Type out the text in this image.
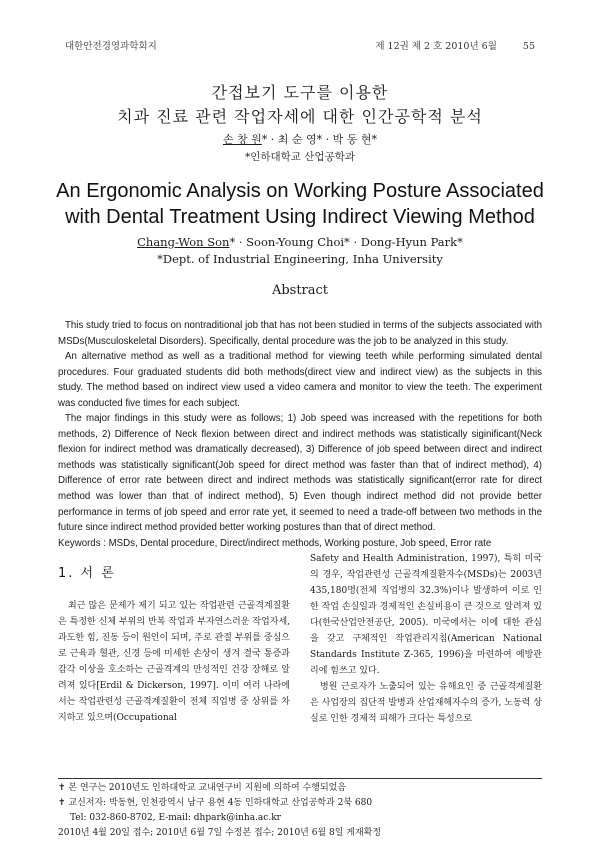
대한안전경영과학회지	제 12권 제 2 호 2010년 6월	55
간접보기 도구를 이용한
치과 진료 관련 작업자세에 대한 인간공학적 분석
손 창 원* · 최 순 영* · 박 동 현*
*인하대학교 산업공학과
An Ergonomic Analysis on Working Posture Associated
with Dental Treatment Using Indirect Viewing Method
Chang-Won Son* · Soon-Young Choi* · Dong-Hyun Park*
*Dept. of Industrial Engineering, Inha University
Abstract

This study tried to focus on nontraditional job that has not been studied in terms of the subjects associated with MSDs(Musculoskeletal Disorders). Specifically, dental procedure was the job to be analyzed in this study.

An alternative method as well as a traditional method for viewing teeth while performing simulated dental procedures. Four graduated students did both methods(direct view and indirect view) as the subjects in this study. The method based on indirect view used a video camera and monitor to view the teeth. The experiment was conducted five times for each subject.

The major findings in this study were as follows; 1) Job speed was increased with the repetitions for both methods, 2) Difference of Neck flexion between direct and indirect methods was statistically siginificant(Neck flexion for indirect method was dramatically decreased), 3) Difference of job speed between direct and indirect methods was statistically significant(Job speed for direct method was faster than that of indirect method), 4) Difference of error rate between direct and indirect methods was statistically significant(error rate for direct method was lower than that of indirect method), 5) Even though indirect method did not provide better performance in terms of job speed and error rate yet, it seemed to need a trade-off between two methods in the future since indirect method provided better working postures than that of direct method.

Keywords : MSDs, Dental procedure, Direct/indirect methods, Working posture, Job speed, Error rate

1. 서 론

최근 많은 문제가 제기 되고 있는 작업관련 근골격계질환은 특정한 신체 부위의 반복 작업과 부자연스러운 작업자세, 과도한 힘, 진동 등이 원인이 되며, 주로 관절 부위를 중심으로 근육과 혈관, 신경 등에 미세한 손상이 생겨 결국 통증과 감각 이상을 호소하는 근골격계의 만성적인 건강 장해로 알려져 있다[Erdil & Dickerson, 1997]. 이미 여러 나라에서는 작업관련성 근골격계질환이 전체 직업병 중 상위를 차지하고 있으며(Occupational

Safety and Health Administration, 1997), 특히 미국의 경우, 작업관련성 근골격계질환자수(MSDs)는 2003년 435,180명(전체 직업병의 32.3%)이나 발생하여 이로 인한 작업 손실일과 경제적인 손실비용이 큰 것으로 알려져 있다(한국산업안전공단, 2005). 미국에서는 이에 대한 관심을 갖고 구체적인 작업관리지침(American National Standards Institute Z-365, 1996)을 마련하여 예방관리에 힘쓰고 있다.

병원 근로자가 노출되어 있는 유해요인 중 근골격계질환은 사업장의 집단적 발병과 산업재해자수의 증가, 노동력 상실로 인한 경제적 피해가 크다는 특성으로

✝ 본 연구는 2010년도 인하대학교 교내연구비 지원에 의하여 수행되었음
✝ 교신저자: 박동현, 인천광역시 남구 용현 4동 인하대학교 산업공학과 2북 680
Tel: 032-860-8702, E-mail: dhpark@inha.ac.kr
2010년 4월 20일 접수; 2010년 6월 7일 수정본 접수; 2010년 6월 8일 게재확정
